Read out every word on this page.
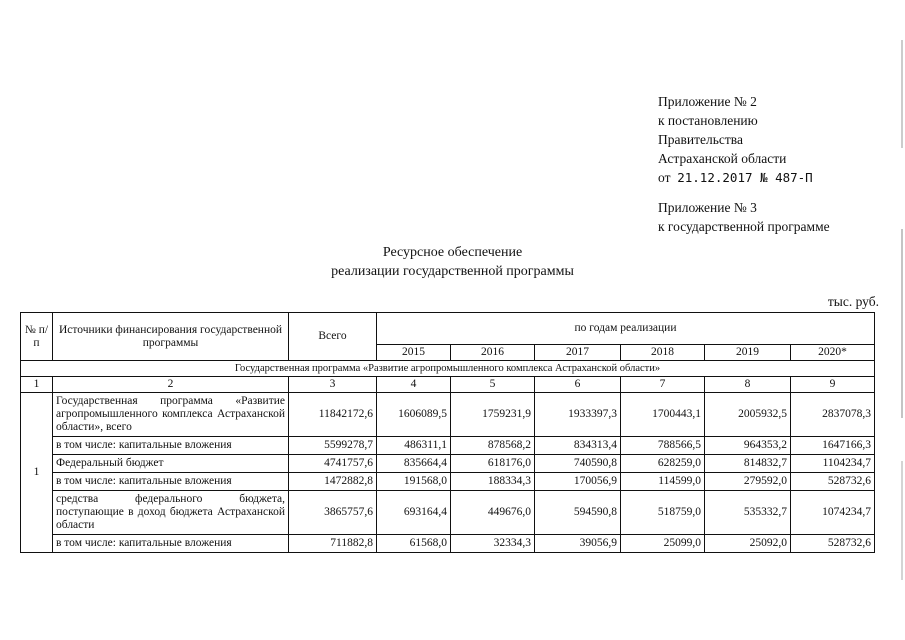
Приложение № 2
к постановлению
Правительства
Астраханской области
от 21.12.2017 № 487-П
Приложение № 3
к государственной программе
Ресурсное обеспечение
реализации государственной программы
тыс. руб.
№ п/п	Источники финансирования государственной программы	Всего	по годам реализации					
			2015	2016	2017	2018	2019	2020*
Государственная программа «Развитие агропромышленного комплекса Астраханской области»								
1	2	3	4	5	6	7	8	9
1	Государственная программа «Развитие агропромышленного комплекса Астраханской области», всего	11842172,6	1606089,5	1759231,9	1933397,3	1700443,1	2005932,5	2837078,3
	в том числе: капитальные вложения	5599278,7	486311,1	878568,2	834313,4	788566,5	964353,2	1647166,3
	Федеральный бюджет	4741757,6	835664,4	618176,0	740590,8	628259,0	814832,7	1104234,7
	в том числе: капитальные вложения	1472882,8	191568,0	188334,3	170056,9	114599,0	279592,0	528732,6
	средства федерального бюджета, поступающие в доход бюджета Астраханской области	3865757,6	693164,4	449676,0	594590,8	518759,0	535332,7	1074234,7
	в том числе: капитальные вложения	711882,8	61568,0	32334,3	39056,9	25099,0	25092,0	528732,6
